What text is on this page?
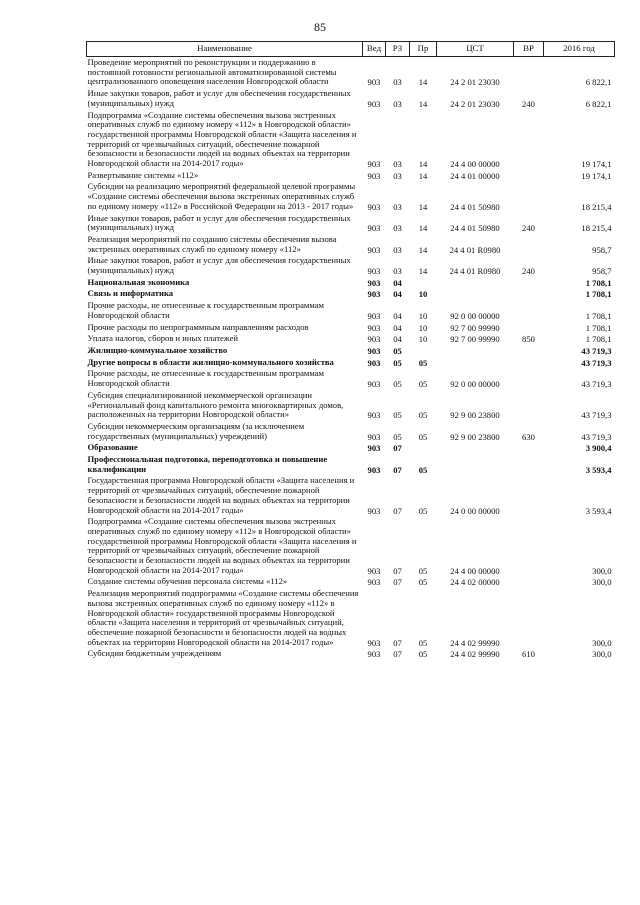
85
Наименование	Вед	РЗ	Пр	ЦСТ	ВР	2016 год
Проведение мероприятий по реконструкции и поддержанию в постоянной готовности региональной автоматизированной системы централизованного оповещения населения Новгородской области	903	03	14	24 2 01 23030		6 822,1
Иные закупки товаров, работ и услуг для обеспечения государственных (муниципальных) нужд	903	03	14	24 2 01 23030	240	6 822,1
Подпрограмма «Создание системы обеспечения вызова экстренных оперативных служб по единому номеру «112» в Новгородской области» государственной программы Новгородской области «Защита населения и территорий от чрезвычайных ситуаций, обеспечение пожарной безопасности и безопасности людей на водных объектах на территории Новгородской области на 2014-2017 годы»	903	03	14	24 4 00 00000		19 174,1
Развертывание системы «112»	903	03	14	24 4 01 00000		19 174,1
Субсидии на реализацию мероприятий федеральной целевой программы «Создание системы обеспечения вызова экстренных оперативных служб по единому номеру «112» в Российской Федерации на 2013 - 2017 годы»	903	03	14	24 4 01 50980		18 215,4
Иные закупки товаров, работ и услуг для обеспечения государственных (муниципальных) нужд	903	03	14	24 4 01 50980	240	18 215,4
Реализация мероприятий по созданию системы обеспечения вызова экстренных оперативных служб по единому номеру «112»	903	03	14	24 4 01 R0980		958,7
Иные закупки товаров, работ и услуг для обеспечения государственных (муниципальных) нужд	903	03	14	24 4 01 R0980	240	958,7
Национальная экономика	903	04				1 708,1
Связь и информатика	903	04	10			1 708,1
Прочие расходы, не отнесенные к государственным программам Новгородской области	903	04	10	92 0 00 00000		1 708,1
Прочие расходы по непрограммным направлениям расходов	903	04	10	92 7 00 99990		1 708,1
Уплата налогов, сборов и иных платежей	903	04	10	92 7 00 99990	850	1 708,1
Жилищно-коммунальное хозяйство	903	05				43 719,3
Другие вопросы в области жилищно-коммунального хозяйства	903	05	05			43 719,3
Прочие расходы, не отнесенные к государственным программам Новгородской области	903	05	05	92 0 00 00000		43 719,3
Субсидия специализированной некоммерческой организации «Региональный фонд капитального ремонта многоквартирных домов, расположенных на территории Новгородской области»	903	05	05	92 9 00 23800		43 719,3
Субсидии некоммерческим организациям (за исключением государственных (муниципальных) учреждений)	903	05	05	92 9 00 23800	630	43 719,3
Образование	903	07				3 900,4
Профессиональная подготовка, переподготовка и повышение квалификации	903	07	05			3 593,4
Государственная программа Новгородской области «Защита населения и территорий от чрезвычайных ситуаций, обеспечение пожарной безопасности и безопасности людей на водных объектах на территории Новгородской области на 2014-2017 годы»	903	07	05	24 0 00 00000		3 593,4
Подпрограмма «Создание системы обеспечения вызова экстренных оперативных служб по единому номеру «112» в Новгородской области» государственной программы Новгородской области «Защита населения и территорий от чрезвычайных ситуаций, обеспечение пожарной безопасности и безопасности людей на водных объектах на территории Новгородской области на 2014-2017 годы»	903	07	05	24 4 00 00000		300,0
Создание системы обучения персонала системы «112»	903	07	05	24 4 02 00000		300,0
Реализация мероприятий подпрограммы «Создание системы обеспечения вызова экстренных оперативных служб по единому номеру «112» в Новгородской области» государственной программы Новгородской области «Защита населения и территорий от чрезвычайных ситуаций, обеспечение пожарной безопасности и безопасности людей на водных объектах на территории Новгородской области на 2014-2017 годы»	903	07	05	24 4 02 99990		300,0
Субсидии бюджетным учреждениям	903	07	05	24 4 02 99990	610	300,0
